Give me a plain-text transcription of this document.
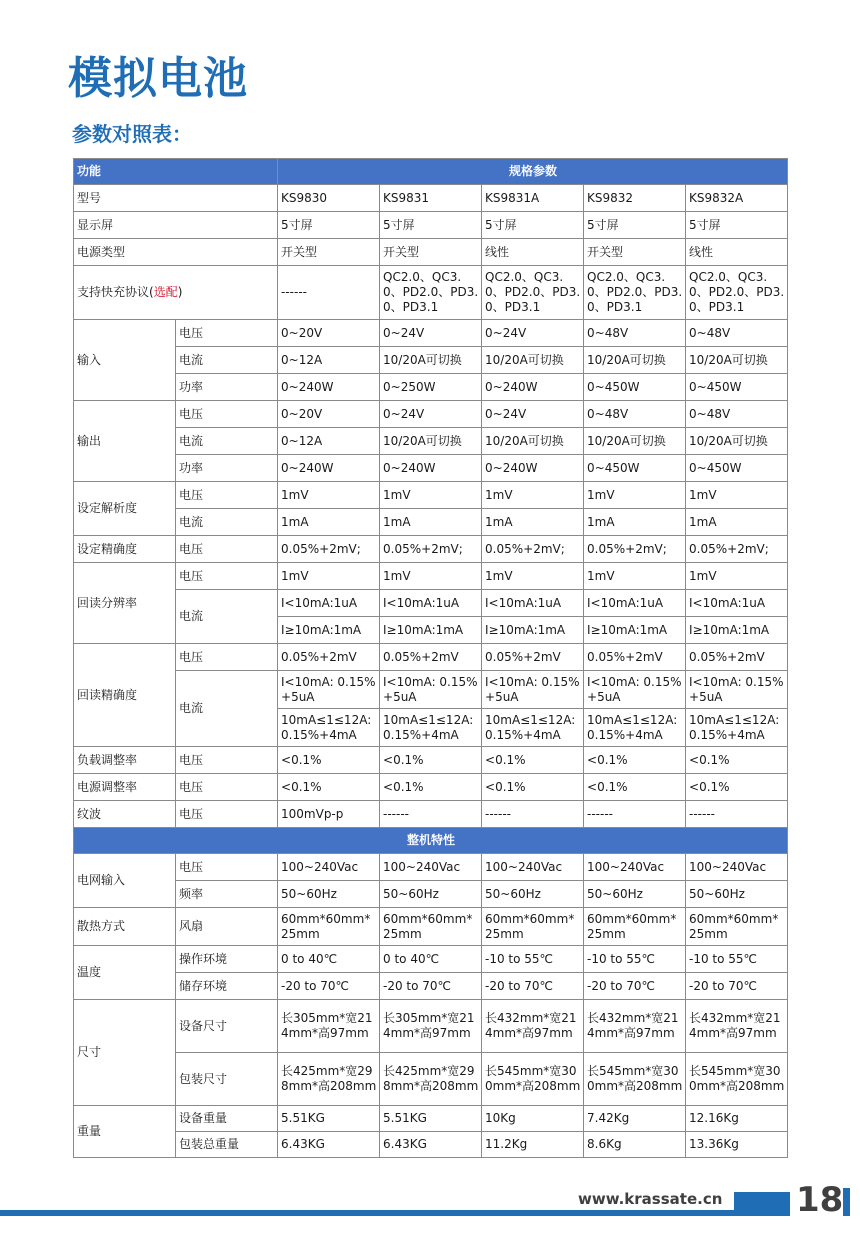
模拟电池
参数对照表：
功能		规格参数				
型号		KS9830	KS9831	KS9831A	KS9832	KS9832A
显示屏		5寸屏	5寸屏	5寸屏	5寸屏	5寸屏
电源类型		开关型	开关型	线性	开关型	线性
支持快充协议(选配)		------	QC2.0、QC3.0、PD2.0、PD3.0、PD3.1	QC2.0、QC3.0、PD2.0、PD3.0、PD3.1	QC2.0、QC3.0、PD2.0、PD3.0、PD3.1	QC2.0、QC3.0、PD2.0、PD3.0、PD3.1
输入	电压	0~20V	0~24V	0~24V	0~48V	0~48V
	电流	0~12A	10/20A可切换	10/20A可切换	10/20A可切换	10/20A可切换
	功率	0~240W	0~250W	0~240W	0~450W	0~450W
输出	电压	0~20V	0~24V	0~24V	0~48V	0~48V
	电流	0~12A	10/20A可切换	10/20A可切换	10/20A可切换	10/20A可切换
	功率	0~240W	0~240W	0~240W	0~450W	0~450W
设定解析度	电压	1mV	1mV	1mV	1mV	1mV
	电流	1mA	1mA	1mA	1mA	1mA
设定精确度	电压	0.05%+2mV;	0.05%+2mV;	0.05%+2mV;	0.05%+2mV;	0.05%+2mV;
回读分辨率	电压	1mV	1mV	1mV	1mV	1mV
	电流	I<10mA:1uA	I<10mA:1uA	I<10mA:1uA	I<10mA:1uA	I<10mA:1uA
		I≥10mA:1mA	I≥10mA:1mA	I≥10mA:1mA	I≥10mA:1mA	I≥10mA:1mA
回读精确度	电压	0.05%+2mV	0.05%+2mV	0.05%+2mV	0.05%+2mV	0.05%+2mV
	电流	I<10mA: 0.15% +5uA	I<10mA: 0.15% +5uA	I<10mA: 0.15% +5uA	I<10mA: 0.15% +5uA	I<10mA: 0.15% +5uA
		10mA≤1≤12A:0.15%+4mA	10mA≤1≤12A:0.15%+4mA	10mA≤1≤12A:0.15%+4mA	10mA≤1≤12A:0.15%+4mA	10mA≤1≤12A:0.15%+4mA
负载调整率	电压	<0.1%	<0.1%	<0.1%	<0.1%	<0.1%
电源调整率	电压	<0.1%	<0.1%	<0.1%	<0.1%	<0.1%
纹波	电压	100mVp-p	------	------	------	------
整机特性						
电网输入	电压	100~240Vac	100~240Vac	100~240Vac	100~240Vac	100~240Vac
	频率	50~60Hz	50~60Hz	50~60Hz	50~60Hz	50~60Hz
散热方式	风扇	60mm*60mm*25mm	60mm*60mm*25mm	60mm*60mm*25mm	60mm*60mm*25mm	60mm*60mm*25mm
温度	操作环境	0 to 40℃	0 to 40℃	-10 to 55℃	-10 to 55℃	-10 to 55℃
	储存环境	-20 to 70℃	-20 to 70℃	-20 to 70℃	-20 to 70℃	-20 to 70℃
尺寸	设备尺寸	长305mm*宽214mm*高97mm	长305mm*宽214mm*高97mm	长432mm*宽214mm*高97mm	长432mm*宽214mm*高97mm	长432mm*宽214mm*高97mm
	包装尺寸	长425mm*宽298mm*高208mm	长425mm*宽298mm*高208mm	长545mm*宽300mm*高208mm	长545mm*宽300mm*高208mm	长545mm*宽300mm*高208mm
重量	设备重量	5.51KG	5.51KG	10Kg	7.42Kg	12.16Kg
	包装总重量	6.43KG	6.43KG	11.2Kg	8.6Kg	13.36Kg
www.krassate.cn 18
